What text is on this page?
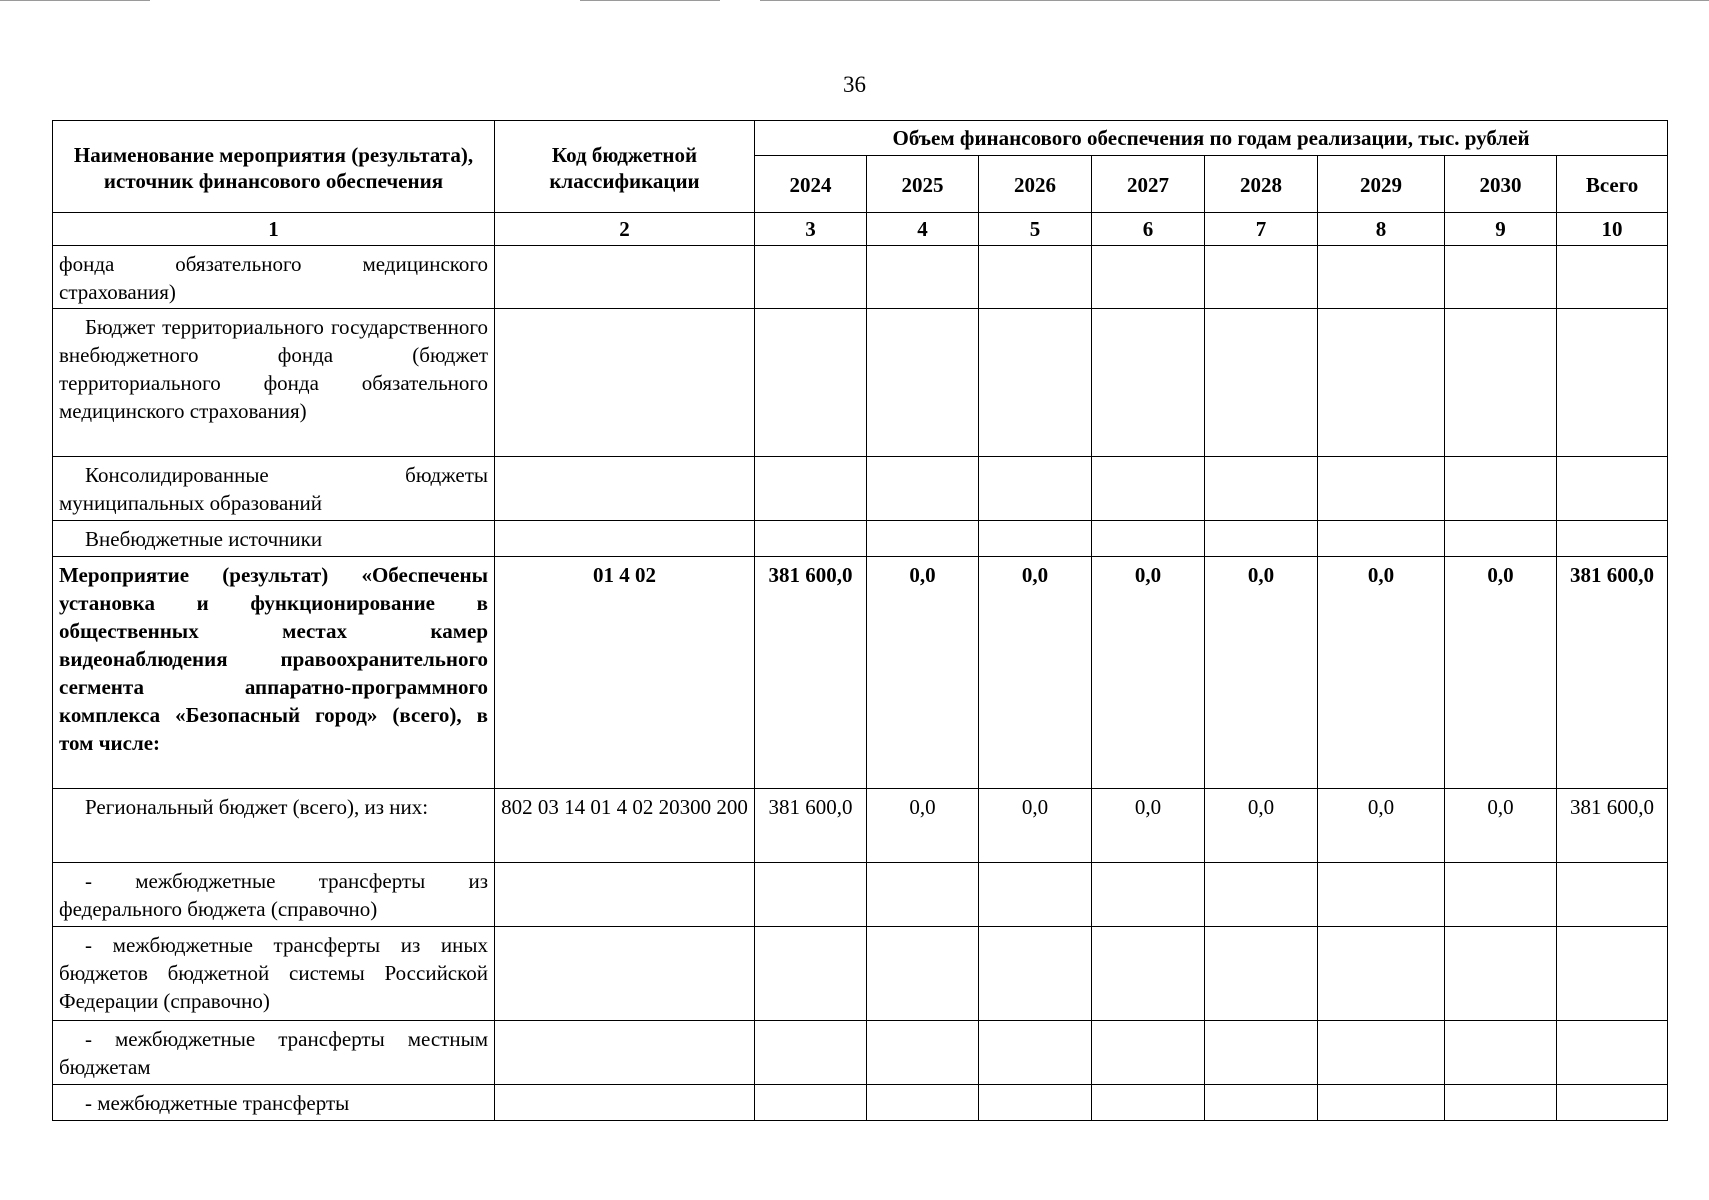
36
Наименование мероприятия (результата), источник финансового обеспечения	Код бюджетной классификации	Объем финансового обеспечения по годам реализации, тыс. рублей							
		2024	2025	2026	2027	2028	2029	2030	Всего
1	2	3	4	5	6	7	8	9	10
фонда обязательного медицинского страхования)									
Бюджет территориального государственного внебюджетного фонда (бюджет территориального фонда обязательного медицинского страхования)									
Консолидированные бюджеты муниципальных образований									
Внебюджетные источники									
Мероприятие (результат) «Обеспечены установка и функционирование в общественных местах камер видеонаблюдения правоохранительного сегмента аппаратно-программного комплекса «Безопасный город» (всего), в том числе:	01 4 02	381 600,0	0,0	0,0	0,0	0,0	0,0	0,0	381 600,0
Региональный бюджет (всего), из них:	802 03 14 01 4 02 20300 200	381 600,0	0,0	0,0	0,0	0,0	0,0	0,0	381 600,0
- межбюджетные трансферты из федерального бюджета (справочно)									
- межбюджетные трансферты из иных бюджетов бюджетной системы Российской Федерации (справочно)									
- межбюджетные трансферты местным бюджетам									
- межбюджетные трансферты									
